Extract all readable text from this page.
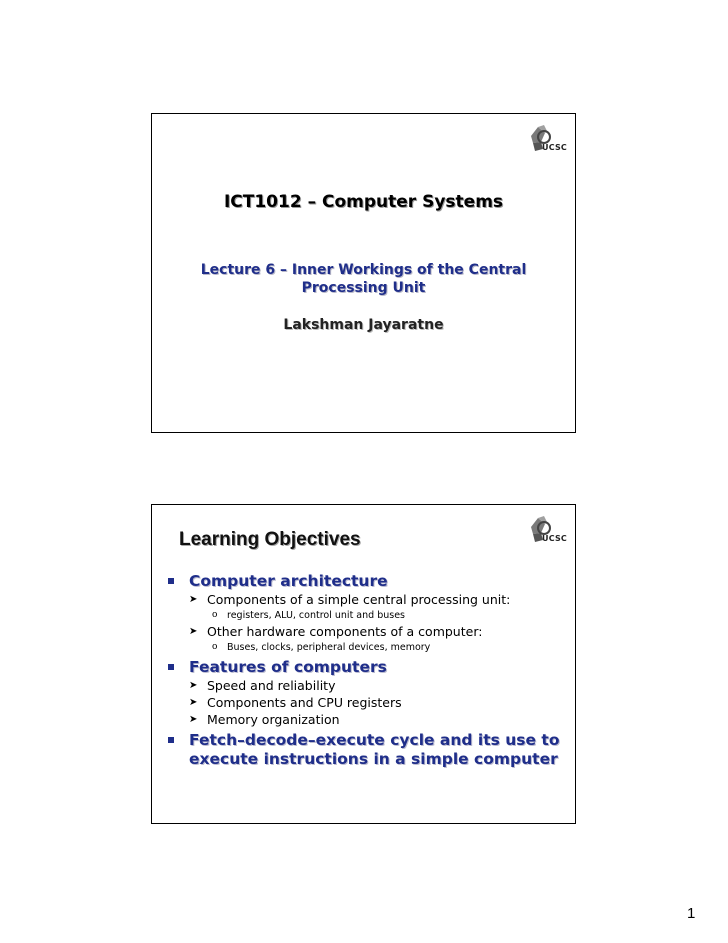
UCSC
ICT1012 – Computer Systems
Lecture 6 – Inner Workings of the Central Processing Unit
Lakshman Jayaratne
UCSC
Learning Objectives
Computer architecture
➤ Components of a simple central processing unit:
o registers, ALU, control unit and buses
➤ Other hardware components of a computer:
o Buses, clocks, peripheral devices, memory
Features of computers
➤ Speed and reliability
➤ Components and CPU registers
➤ Memory organization
Fetch–decode–execute cycle and its use to execute instructions in a simple computer
1
